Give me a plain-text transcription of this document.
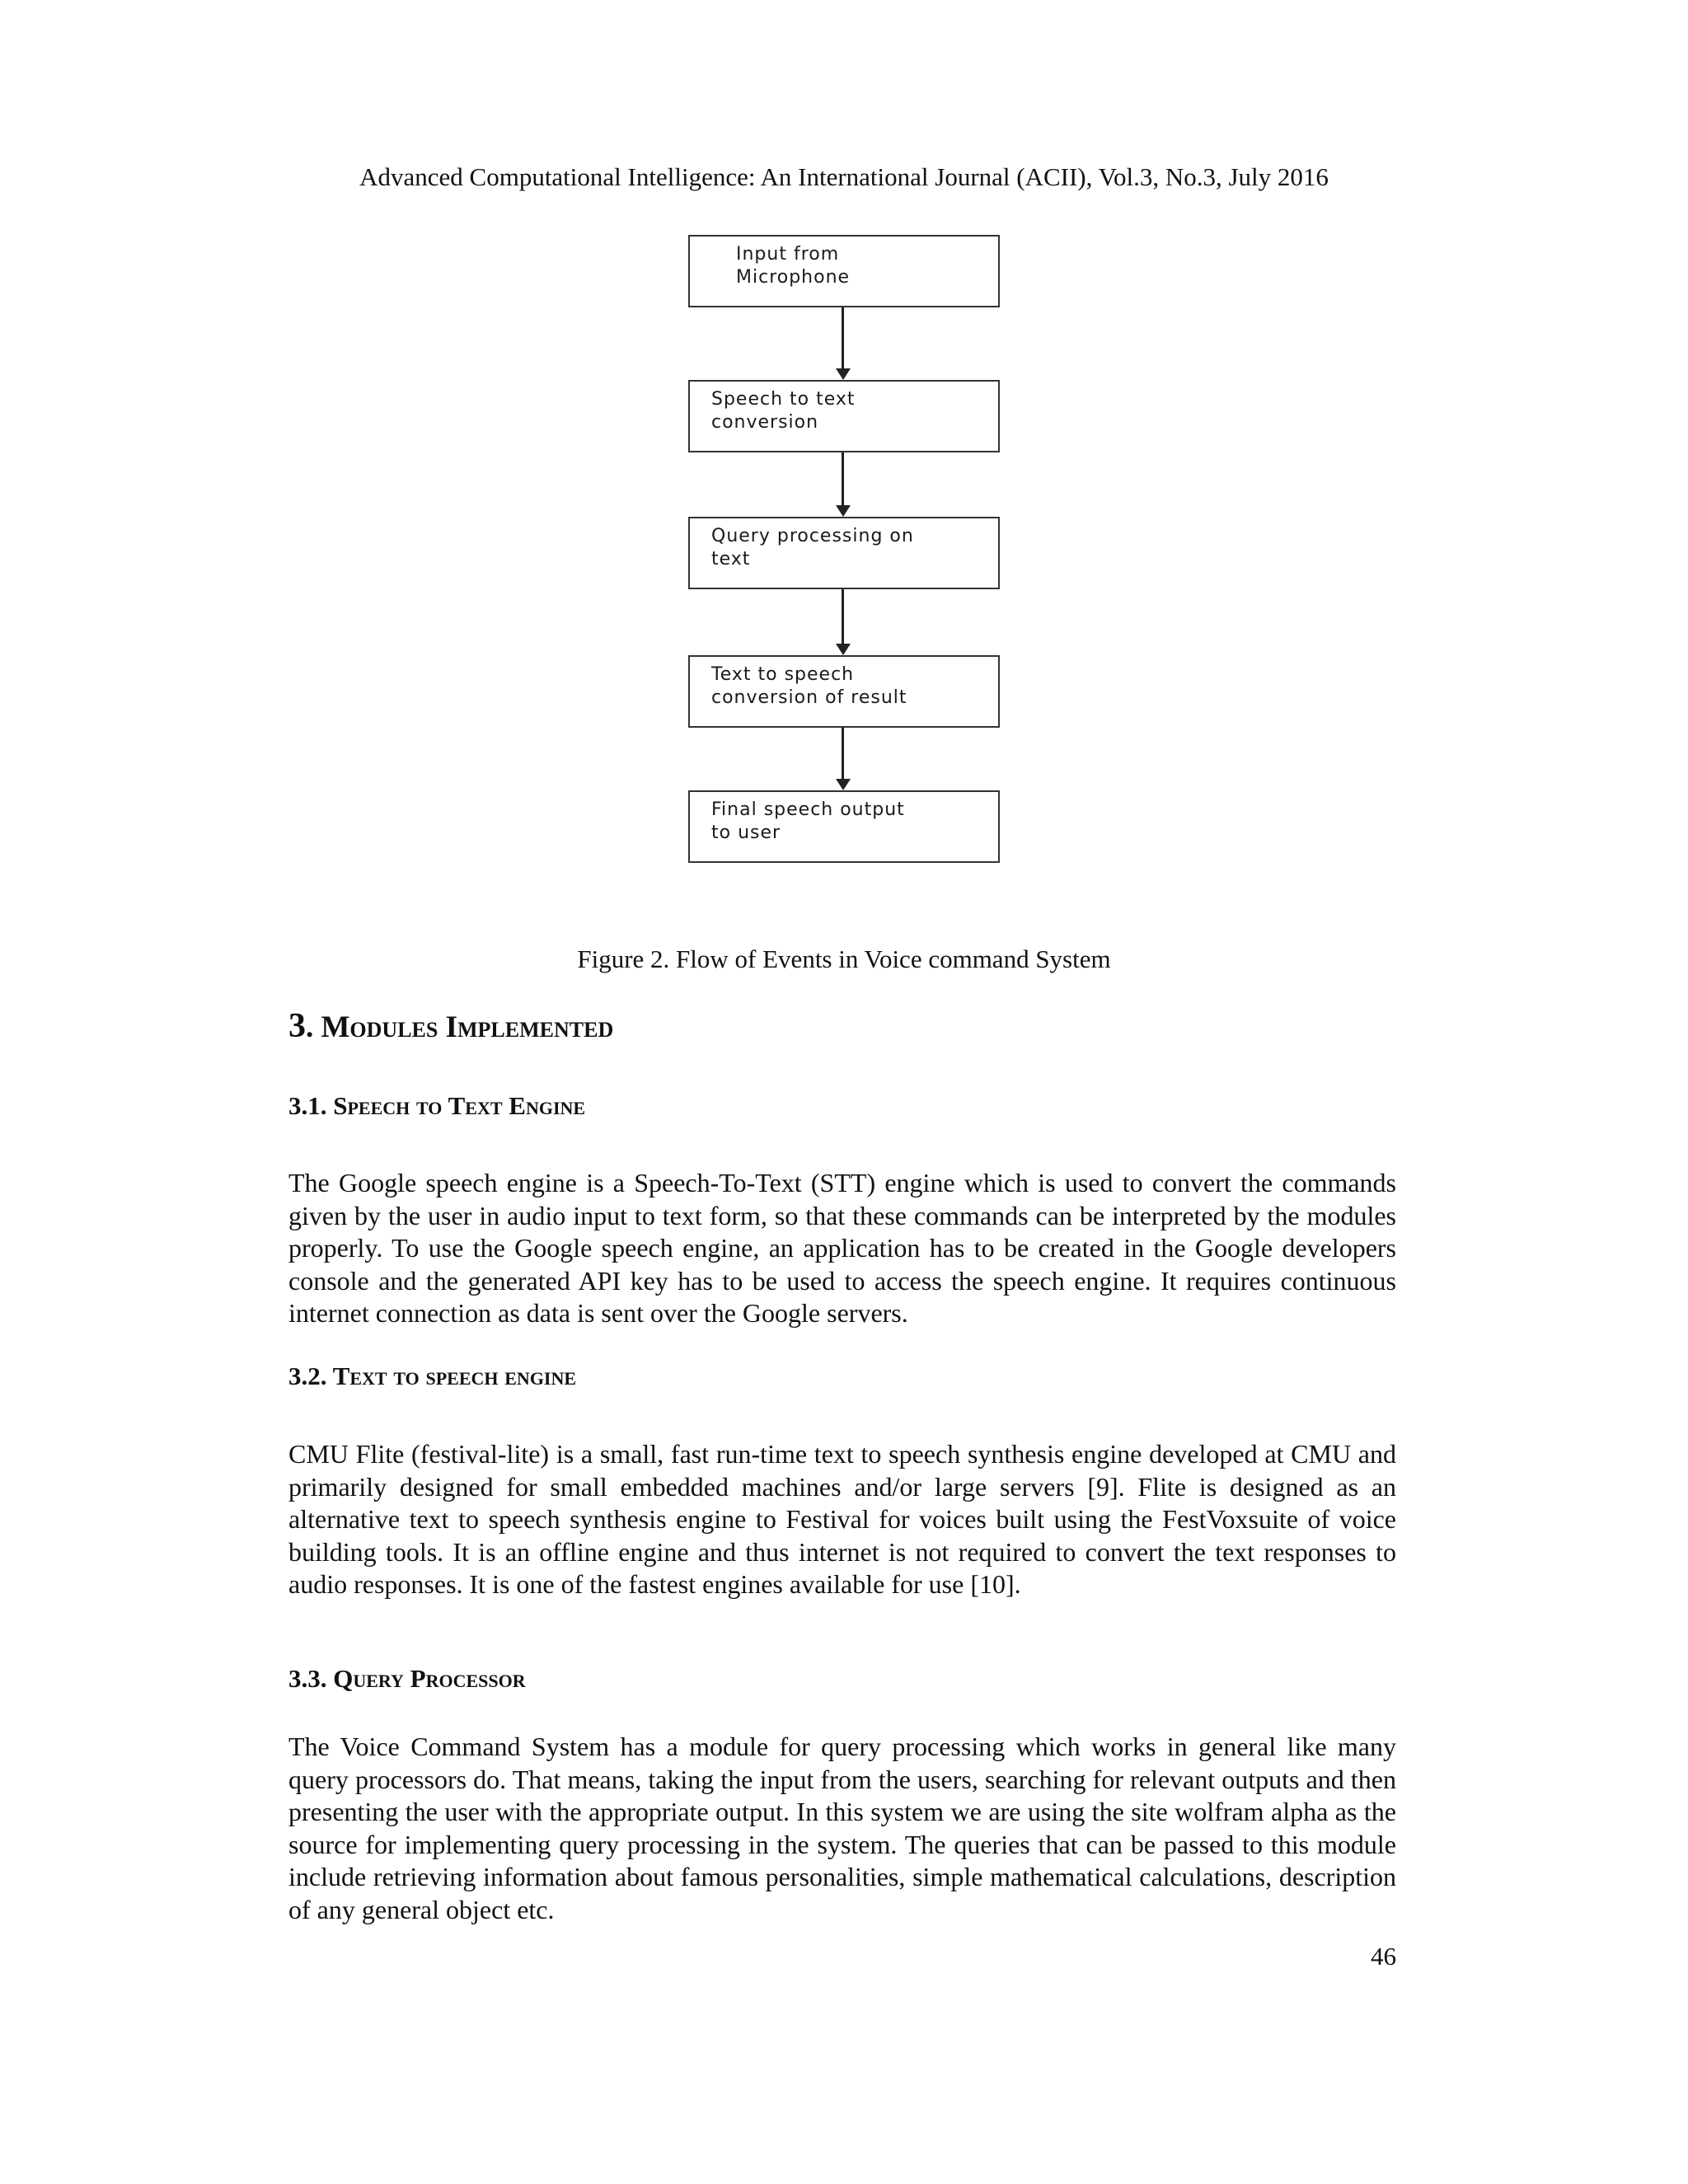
Advanced Computational Intelligence: An International Journal (ACII), Vol.3, No.3, July 2016
Input from
Microphone
Speech to text
conversion
Query processing on
text
Text to speech
conversion of result
Final speech output
to user
Figure 2. Flow of Events in Voice command System
3. Modules Implemented
3.1. Speech to Text Engine

The Google speech engine is a Speech-To-Text (STT) engine which is used to convert the commands given by the user in audio input to text form, so that these commands can be interpreted by the modules properly. To use the Google speech engine, an application has to be created in the Google developers console and the generated API key has to be used to access the speech engine. It requires continuous internet connection as data is sent over the Google servers.

3.2. Text to speech engine

CMU Flite (festival-lite) is a small, fast run-time text to speech synthesis engine developed at CMU and primarily designed for small embedded machines and/or large servers [9]. Flite is designed as an alternative text to speech synthesis engine to Festival for voices built using the FestVoxsuite of voice building tools. It is an offline engine and thus internet is not required to convert the text responses to audio responses. It is one of the fastest engines available for use [10].

3.3. Query Processor

The Voice Command System has a module for query processing which works in general like many query processors do. That means, taking the input from the users, searching for relevant outputs and then presenting the user with the appropriate output. In this system we are using the site wolfram alpha as the source for implementing query processing in the system. The queries that can be passed to this module include retrieving information about famous personalities, simple mathematical calculations, description of any general object etc.

46
